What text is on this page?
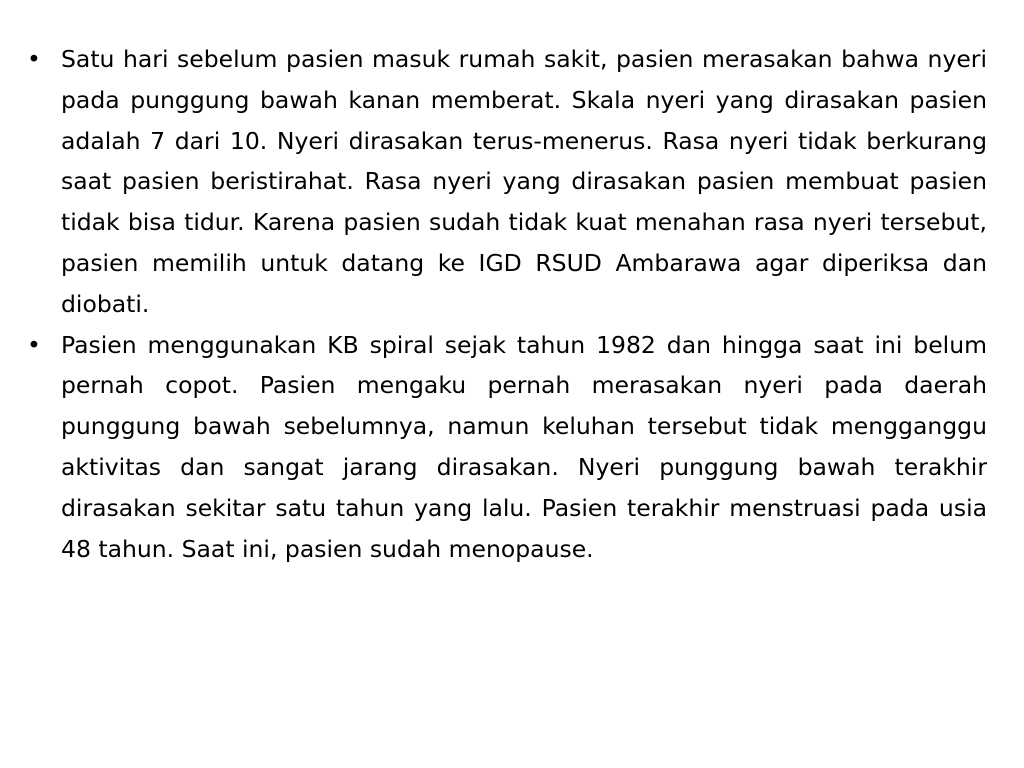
• Satu hari sebelum pasien masuk rumah sakit, pasien merasakan bahwa nyeri pada punggung bawah kanan memberat. Skala nyeri yang dirasakan pasien adalah 7 dari 10. Nyeri dirasakan terus-menerus. Rasa nyeri tidak berkurang saat pasien beristirahat. Rasa nyeri yang dirasakan pasien membuat pasien tidak bisa tidur. Karena pasien sudah tidak kuat menahan rasa nyeri tersebut, pasien memilih untuk datang ke IGD RSUD Ambarawa agar diperiksa dan diobati.
• Pasien menggunakan KB spiral sejak tahun 1982 dan hingga saat ini belum pernah copot. Pasien mengaku pernah merasakan nyeri pada daerah punggung bawah sebelumnya, namun keluhan tersebut tidak mengganggu aktivitas dan sangat jarang dirasakan. Nyeri punggung bawah terakhir dirasakan sekitar satu tahun yang lalu. Pasien terakhir menstruasi pada usia 48 tahun. Saat ini, pasien sudah menopause.
